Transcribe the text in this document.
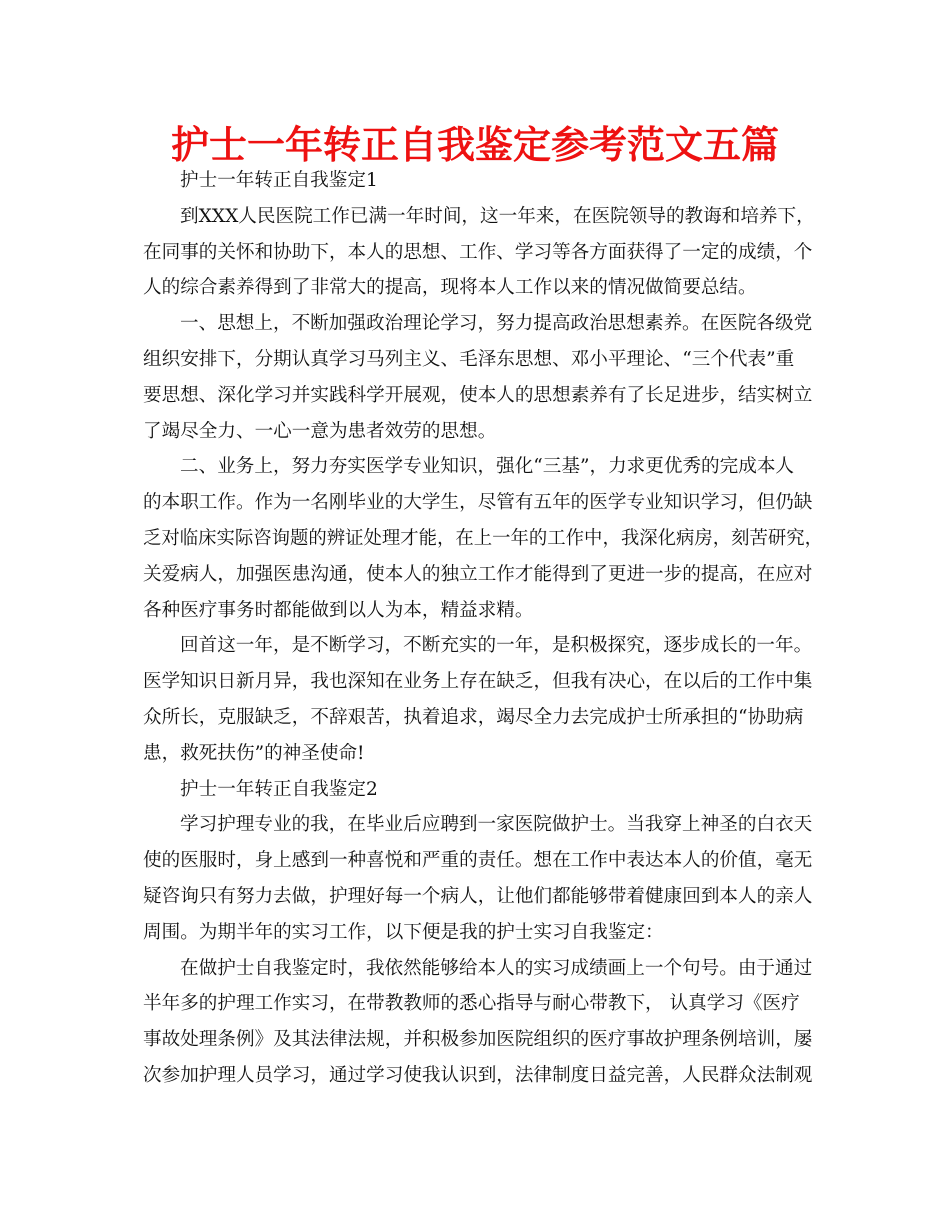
护士一年转正自我鉴定参考范文五篇
护士一年转正自我鉴定1
到XXX人民医院工作已满一年时间，这一年来，在医院领导的教诲和培养下，
在同事的关怀和协助下，本人的思想、工作、学习等各方面获得了一定的成绩，个
人的综合素养得到了非常大的提高，现将本人工作以来的情况做简要总结。
一、思想上，不断加强政治理论学习，努力提高政治思想素养。在医院各级党
组织安排下，分期认真学习马列主义、毛泽东思想、邓小平理论、“三个代表”重
要思想、深化学习并实践科学开展观，使本人的思想素养有了长足进步，结实树立
了竭尽全力、一心一意为患者效劳的思想。
二、业务上，努力夯实医学专业知识，强化“三基”，力求更优秀的完成本人
的本职工作。作为一名刚毕业的大学生，尽管有五年的医学专业知识学习，但仍缺
乏对临床实际咨询题的辨证处理才能，在上一年的工作中，我深化病房，刻苦研究，
关爱病人，加强医患沟通，使本人的独立工作才能得到了更进一步的提高，在应对
各种医疗事务时都能做到以人为本，精益求精。
回首这一年，是不断学习，不断充实的一年，是积极探究，逐步成长的一年。
医学知识日新月异，我也深知在业务上存在缺乏，但我有决心，在以后的工作中集
众所长，克服缺乏，不辞艰苦，执着追求，竭尽全力去完成护士所承担的“协助病
患，救死扶伤”的神圣使命!
护士一年转正自我鉴定2
学习护理专业的我，在毕业后应聘到一家医院做护士。当我穿上神圣的白衣天
使的医服时，身上感到一种喜悦和严重的责任。想在工作中表达本人的价值，毫无
疑咨询只有努力去做，护理好每一个病人，让他们都能够带着健康回到本人的亲人
周围。为期半年的实习工作，以下便是我的护士实习自我鉴定：
在做护士自我鉴定时，我依然能够给本人的实习成绩画上一个句号。由于通过
半年多的护理工作实习，在带教教师的悉心指导与耐心带教下， 认真学习《医疗
事故处理条例》及其法律法规，并积极参加医院组织的医疗事故护理条例培训，屡
次参加护理人员学习，通过学习使我认识到，法律制度日益完善，人民群众法制观
